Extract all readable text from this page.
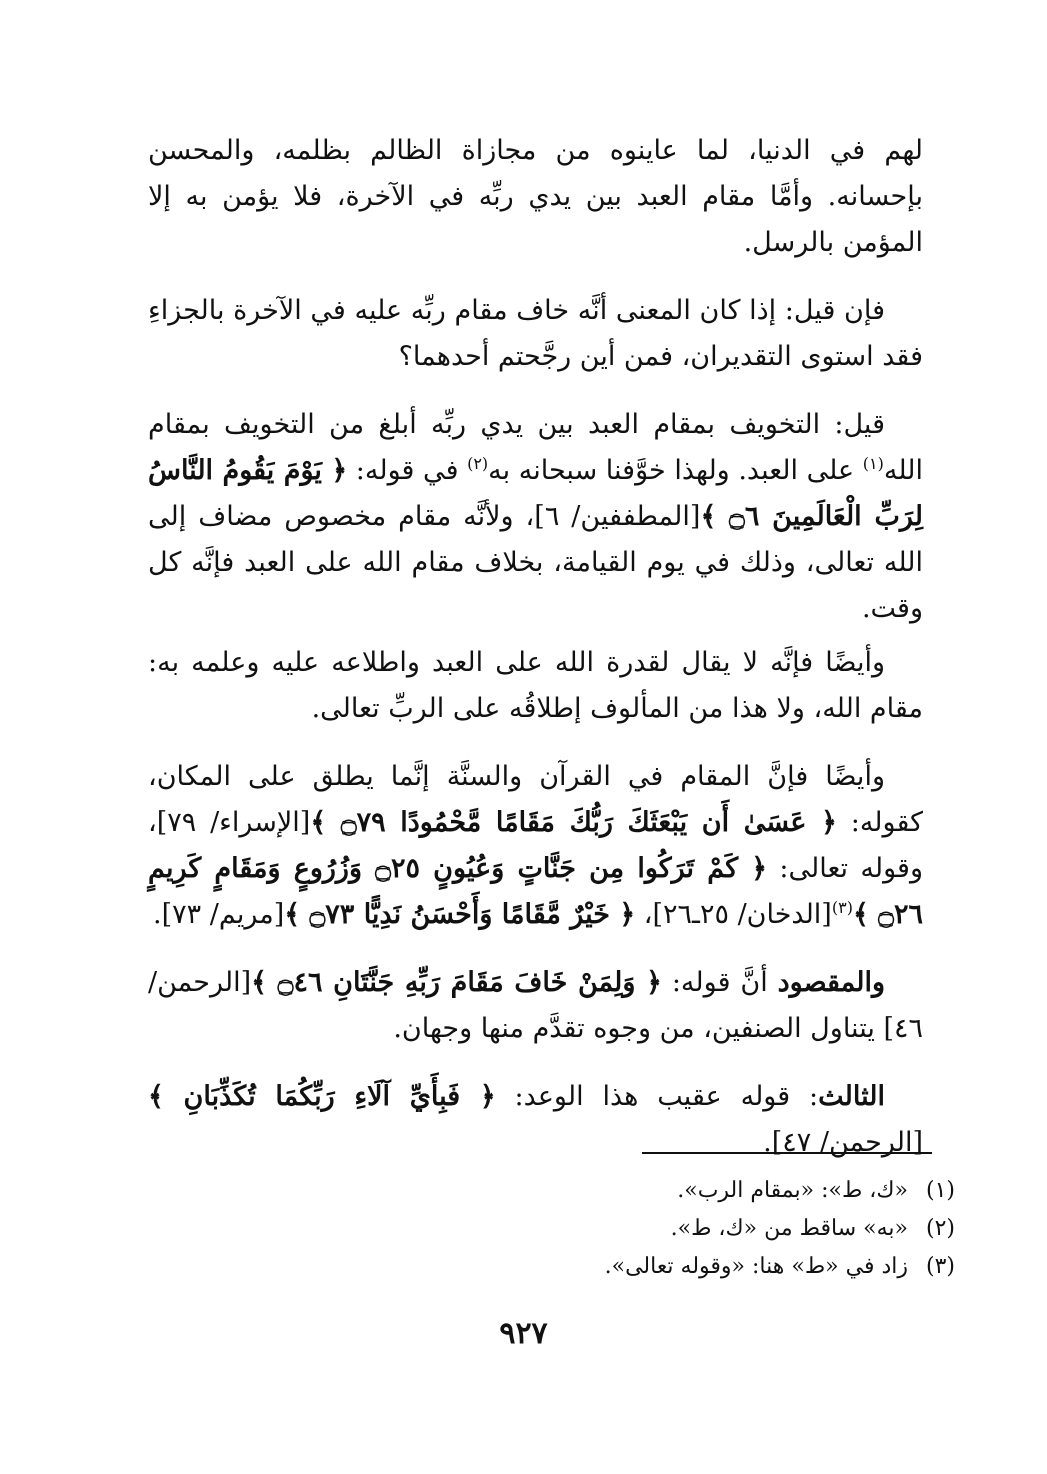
لهم في الدنيا، لما عاينوه من مجازاة الظالم بظلمه، والمحسن بإحسانه. وأمَّا مقام العبد بين يدي ربِّه في الآخرة، فلا يؤمن به إلا المؤمن بالرسل.

فإن قيل: إذا كان المعنى أنَّه خاف مقام ربِّه عليه في الآخرة بالجزاءِ فقد استوى التقديران، فمن أين رجَّحتم أحدهما؟

قيل: التخويف بمقام العبد بين يدي ربِّه أبلغ من التخويف بمقام الله$^{(١)}$ على العبد. ولهذا خوَّفنا سبحانه به$^{(٢)}$ في قوله: ﴿ يَوْمَ يَقُومُ النَّاسُ لِرَبِّ الْعَالَمِينَ ۝٦ ﴾[المطففين/ ٦]، ولأنَّه مقام مخصوص مضاف إلى الله تعالى، وذلك في يوم القيامة، بخلاف مقام الله على العبد فإنَّه كل وقت.

وأيضًا فإنَّه لا يقال لقدرة الله على العبد واطلاعه عليه وعلمه به: مقام الله، ولا هذا من المألوف إطلاقُه على الربِّ تعالى.

وأيضًا فإنَّ المقام في القرآن والسنَّة إنَّما يطلق على المكان، كقوله: ﴿ عَسَىٰ أَن يَبْعَثَكَ رَبُّكَ مَقَامًا مَّحْمُودًا ۝٧٩ ﴾[الإسراء/ ٧٩]، وقوله تعالى: ﴿ كَمْ تَرَكُوا مِن جَنَّاتٍ وَعُيُونٍ ۝٢٥ وَزُرُوعٍ وَمَقَامٍ كَرِيمٍ ۝٢٦ ﴾$^{(٣)}$[الدخان/ ٢٥ـ٢٦]، ﴿ خَيْرٌ مَّقَامًا وَأَحْسَنُ نَدِيًّا ۝٧٣ ﴾[مريم/ ٧٣].

والمقصود أنَّ قوله: ﴿ وَلِمَنْ خَافَ مَقَامَ رَبِّهِ جَنَّتَانِ ۝٤٦ ﴾[الرحمن/ ٤٦] يتناول الصنفين، من وجوه تقدَّم منها وجهان.

الثالث: قوله عقيب هذا الوعد: ﴿ فَبِأَيِّ آلَاءِ رَبِّكُمَا تُكَذِّبَانِ ﴾[الرحمن/ ٤٧].

(١) «ك، ط»: «بمقام الرب».
(٢) «به» ساقط من «ك، ط».
(٣) زاد في «ط» هنا: «وقوله تعالى».
٩٢٧
